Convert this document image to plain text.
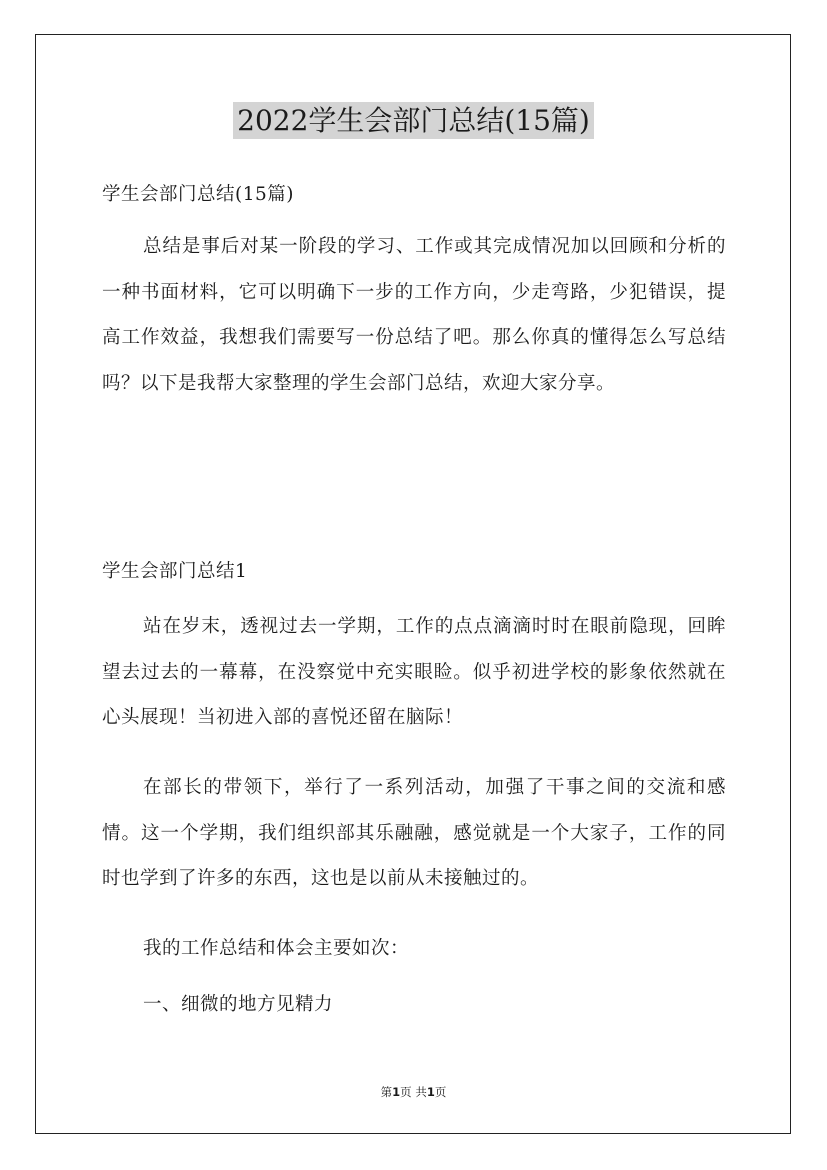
2022学生会部门总结(15篇)

学生会部门总结(15篇)

总结是事后对某一阶段的学习、工作或其完成情况加以回顾和分析的一种书面材料，它可以明确下一步的工作方向，少走弯路，少犯错误，提高工作效益，我想我们需要写一份总结了吧。那么你真的懂得怎么写总结吗？以下是我帮大家整理的学生会部门总结，欢迎大家分享。

学生会部门总结1

站在岁末，透视过去一学期，工作的点点滴滴时时在眼前隐现，回眸望去过去的一幕幕，在没察觉中充实眼睑。似乎初进学校的影象依然就在心头展现！当初进入部的喜悦还留在脑际！

在部长的带领下，举行了一系列活动，加强了干事之间的交流和感情。这一个学期，我们组织部其乐融融，感觉就是一个大家子，工作的同时也学到了许多的东西，这也是以前从未接触过的。

我的工作总结和体会主要如次：

一、细微的地方见精力

第1页 共1页
